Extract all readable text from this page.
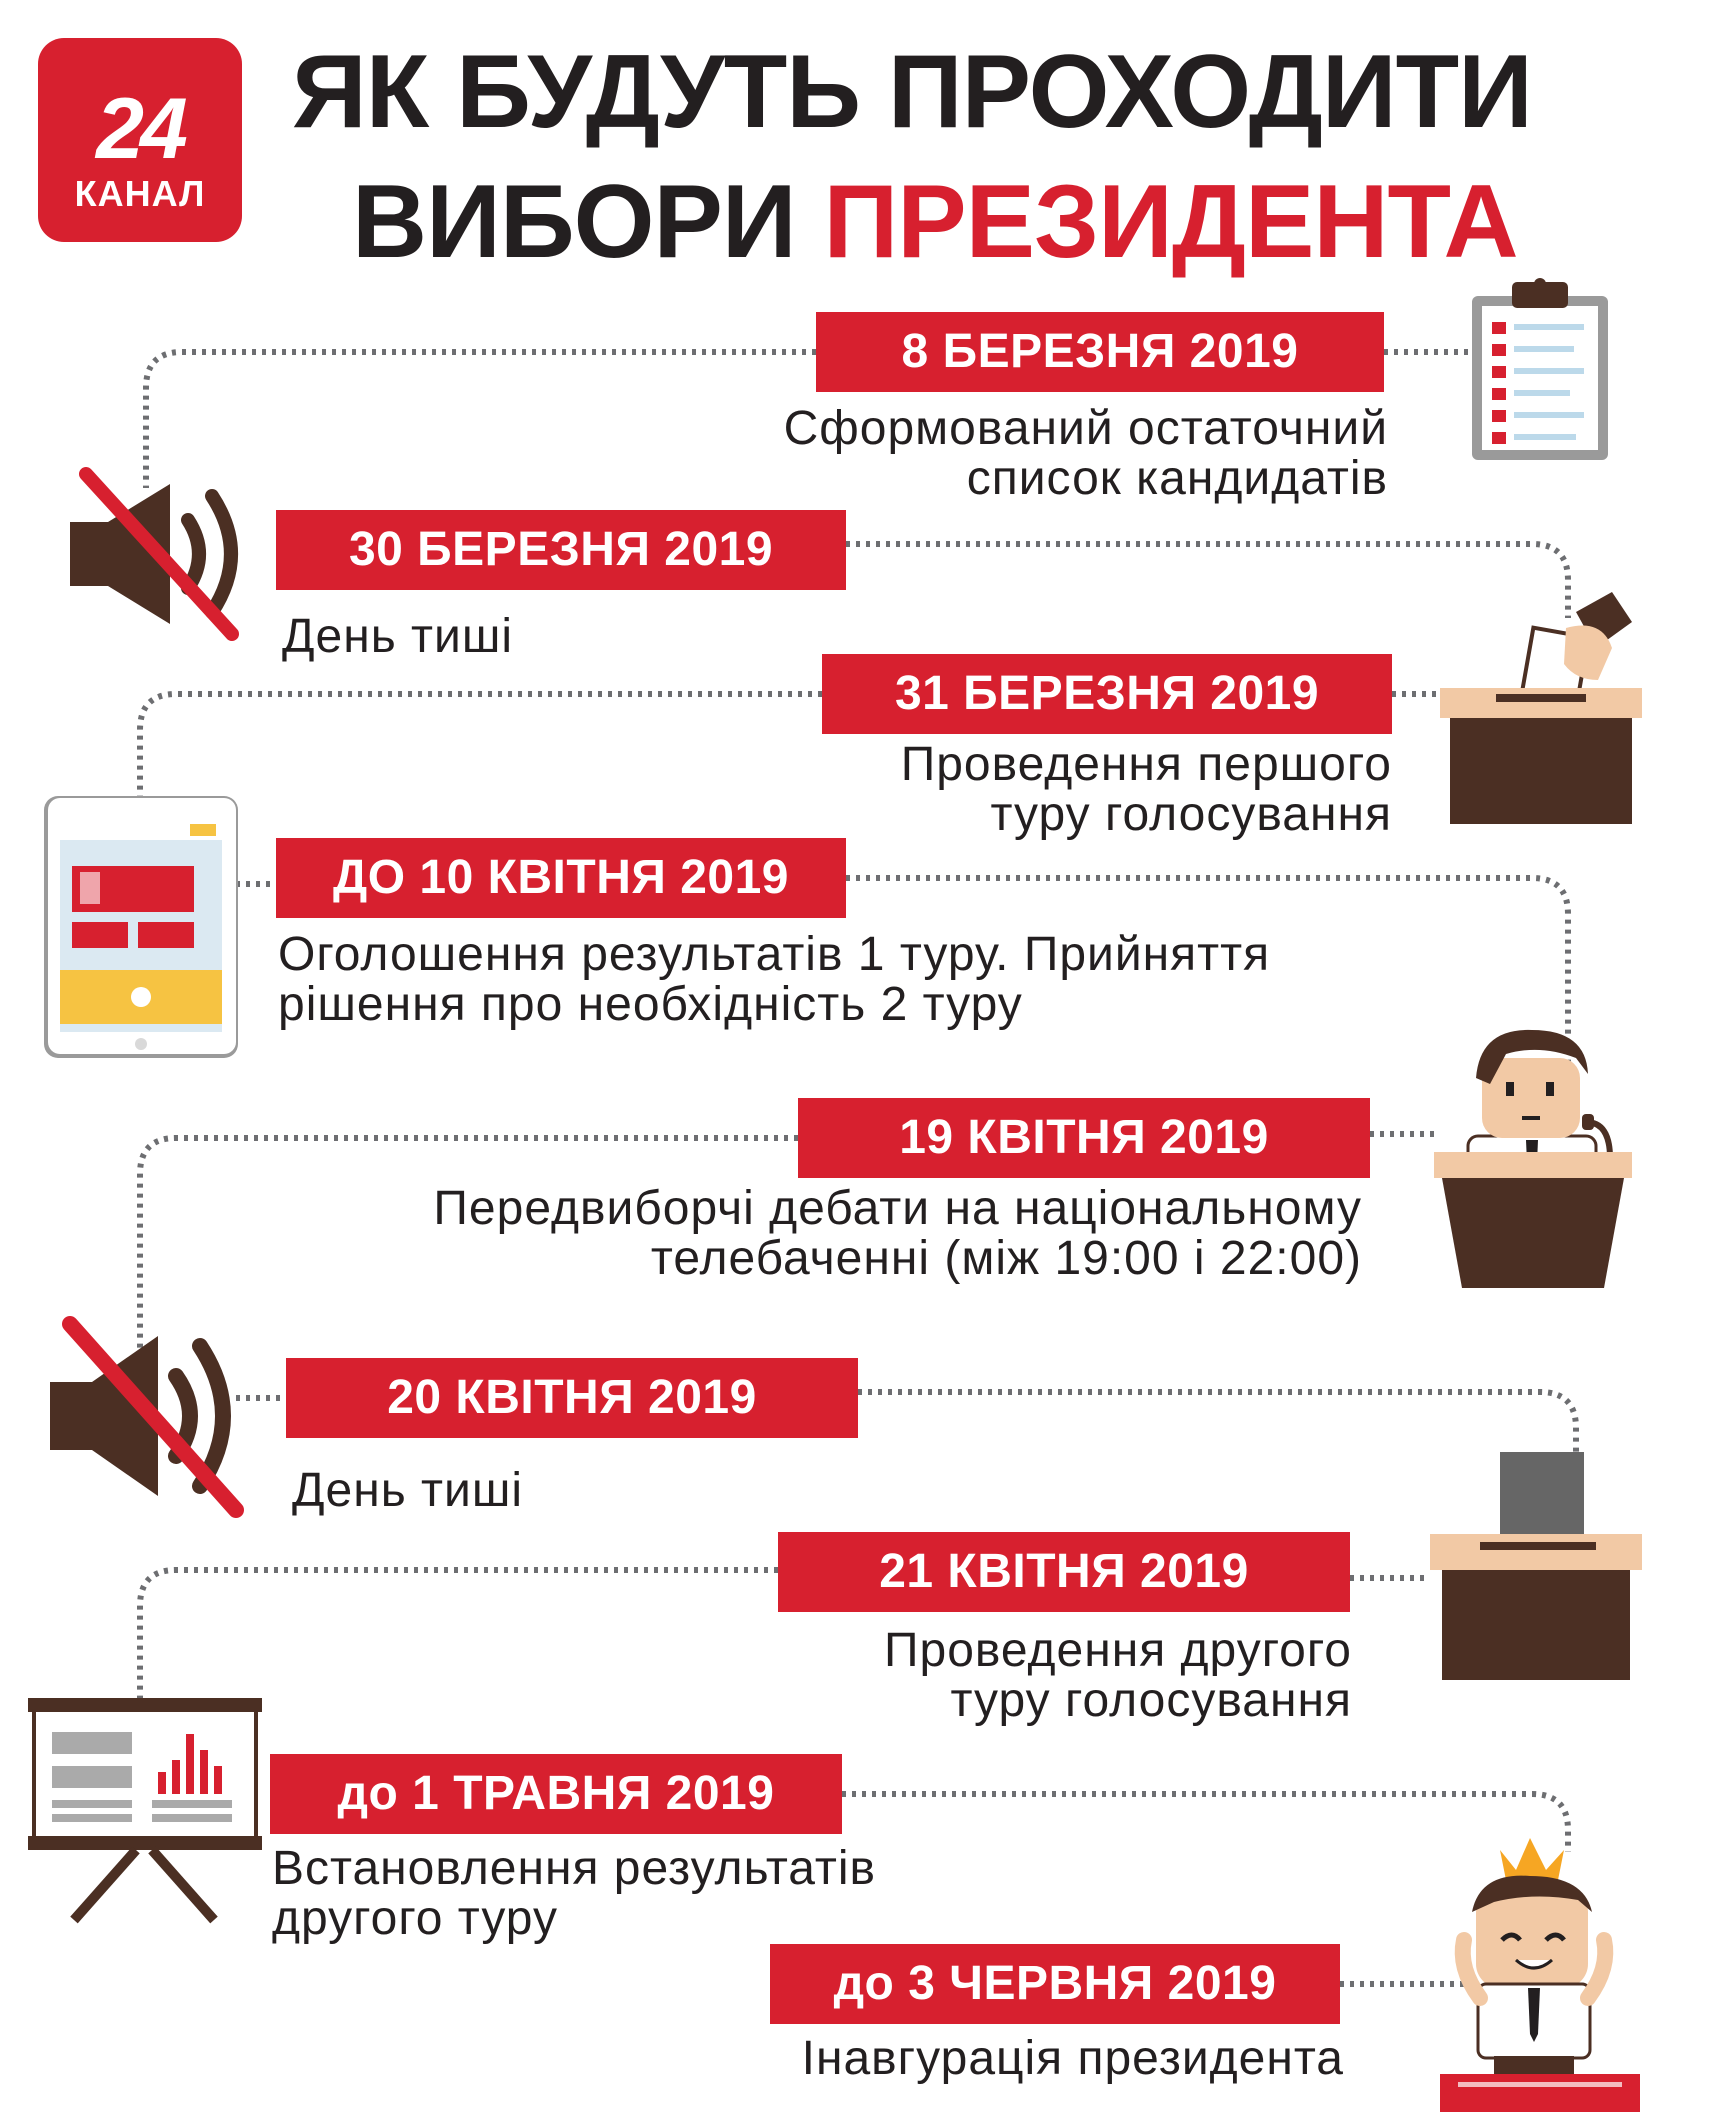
24
КАНАЛ
ЯК БУДУТЬ ПРОХОДИТИ
ВИБОРИ ПРЕЗИДЕНТА
8 БЕРЕЗНЯ 2019
Сформований остаточний
список кандидатів
30 БЕРЕЗНЯ 2019
День тиші
31 БЕРЕЗНЯ 2019
Проведення першого
туру голосування
ДО 10 КВІТНЯ 2019
Оголошення результатів 1 туру. Прийняття
рішення про необхідність 2 туру
19 КВІТНЯ 2019
Передвиборчі дебати на національному
телебаченні (між 19:00 і 22:00)
20 КВІТНЯ 2019
День тиші
21 КВІТНЯ 2019
Проведення другого
туру голосування
до 1 ТРАВНЯ 2019
Встановлення результатів
другого туру
до 3 ЧЕРВНЯ 2019
Інавгурація президента
